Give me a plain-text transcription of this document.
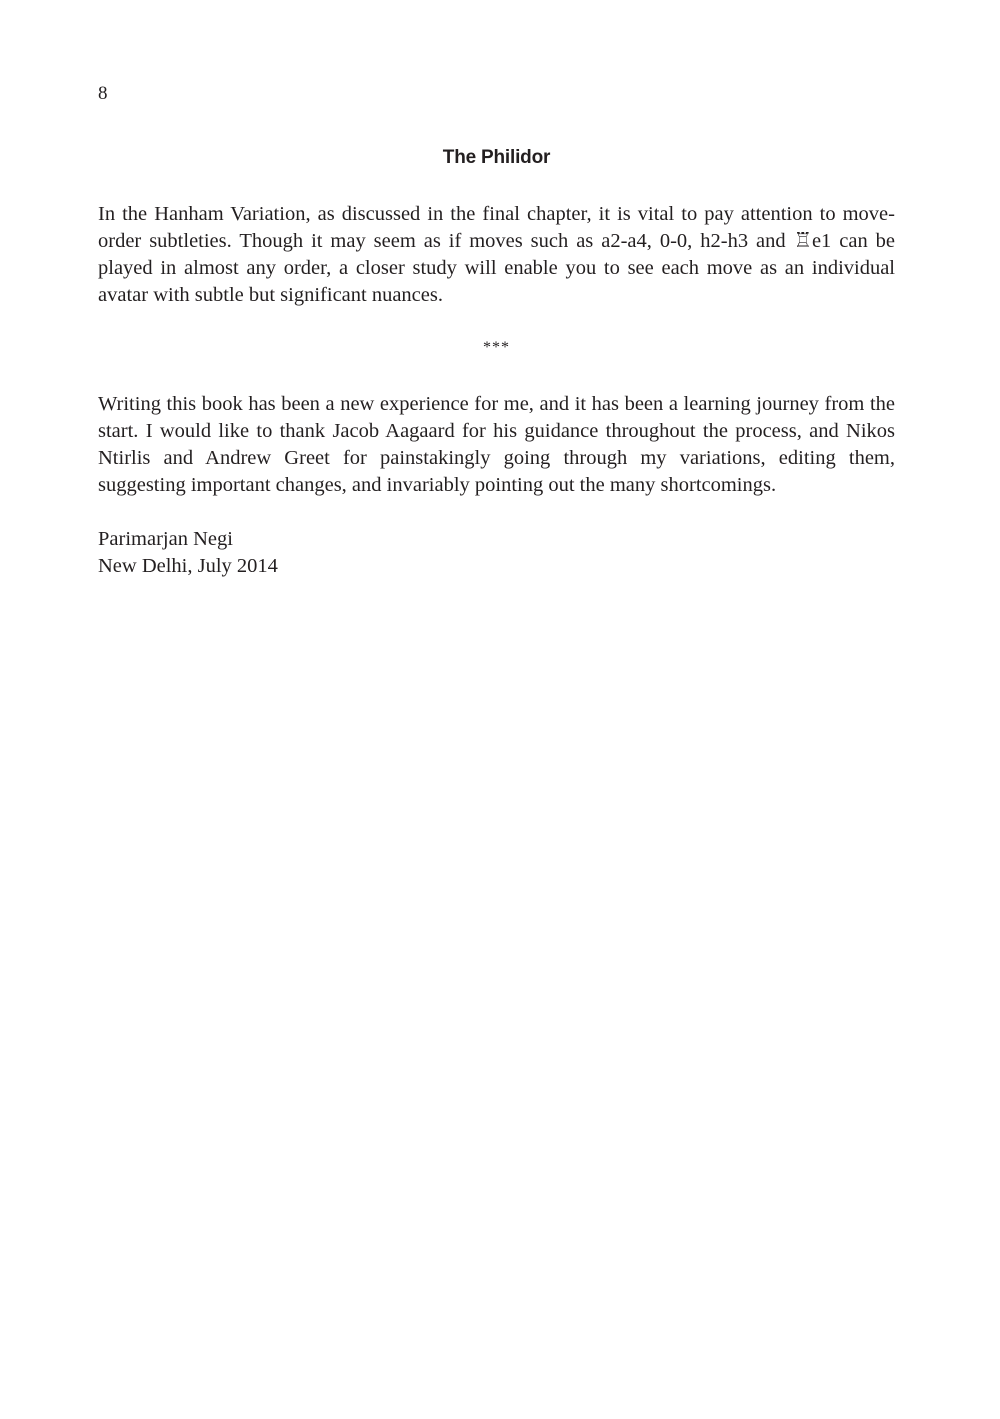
8
The Philidor

In the Hanham Variation, as discussed in the final chapter, it is vital to pay attention to move-order subtleties. Though it may seem as if moves such as a2-a4, 0-0, h2-h3 and ♖e1 can be played in almost any order, a closer study will enable you to see each move as an individual avatar with subtle but significant nuances.

***

Writing this book has been a new experience for me, and it has been a learning journey from the start. I would like to thank Jacob Aagaard for his guidance throughout the process, and Nikos Ntirlis and Andrew Greet for painstakingly going through my variations, editing them, suggesting important changes, and invariably pointing out the many shortcomings.

Parimarjan Negi
New Delhi, July 2014
